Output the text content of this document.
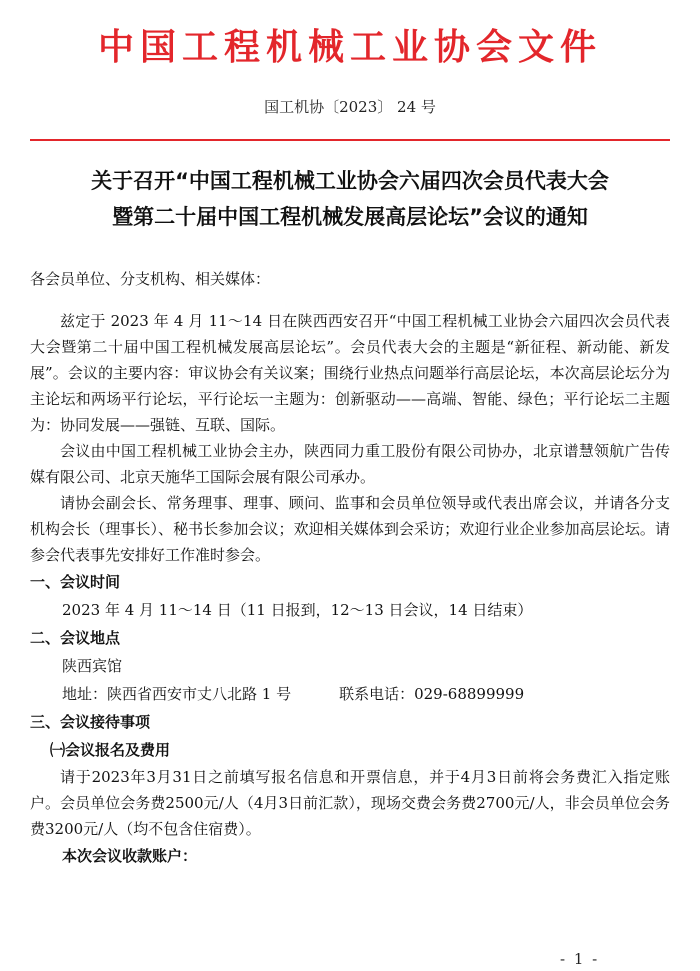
中国工程机械工业协会文件
国工机协〔2023〕 24 号
关于召开“中国工程机械工业协会六届四次会员代表大会
暨第二十届中国工程机械发展高层论坛”会议的通知

各会员单位、分支机构、相关媒体：

兹定于 2023 年 4 月 11～14 日在陕西西安召开“中国工程机械工业协会六届四次会员代表大会暨第二十届中国工程机械发展高层论坛”。会员代表大会的主题是“新征程、新动能、新发展”。会议的主要内容：审议协会有关议案；围绕行业热点问题举行高层论坛，本次高层论坛分为主论坛和两场平行论坛，平行论坛一主题为：创新驱动——高端、智能、绿色；平行论坛二主题为：协同发展——强链、互联、国际。

会议由中国工程机械工业协会主办，陕西同力重工股份有限公司协办，北京谱慧领航广告传媒有限公司、北京天施华工国际会展有限公司承办。

请协会副会长、常务理事、理事、顾问、监事和会员单位领导或代表出席会议，并请各分支机构会长（理事长）、秘书长参加会议；欢迎相关媒体到会采访；欢迎行业企业参加高层论坛。请参会代表事先安排好工作准时参会。

一、会议时间
2023 年 4 月 11～14 日（11 日报到，12～13 日会议，14 日结束）
二、会议地点
陕西宾馆
地址：陕西省西安市丈八北路 1 号	联系电话：029-68899999
三、会议接待事项
㈠会议报名及费用

请于2023年3月31日之前填写报名信息和开票信息，并于4月3日前将会务费汇入指定账户。会员单位会务费2500元/人（4月3日前汇款），现场交费会务费2700元/人，非会员单位会务费3200元/人（均不包含住宿费）。

本次会议收款账户：
- 1 -
